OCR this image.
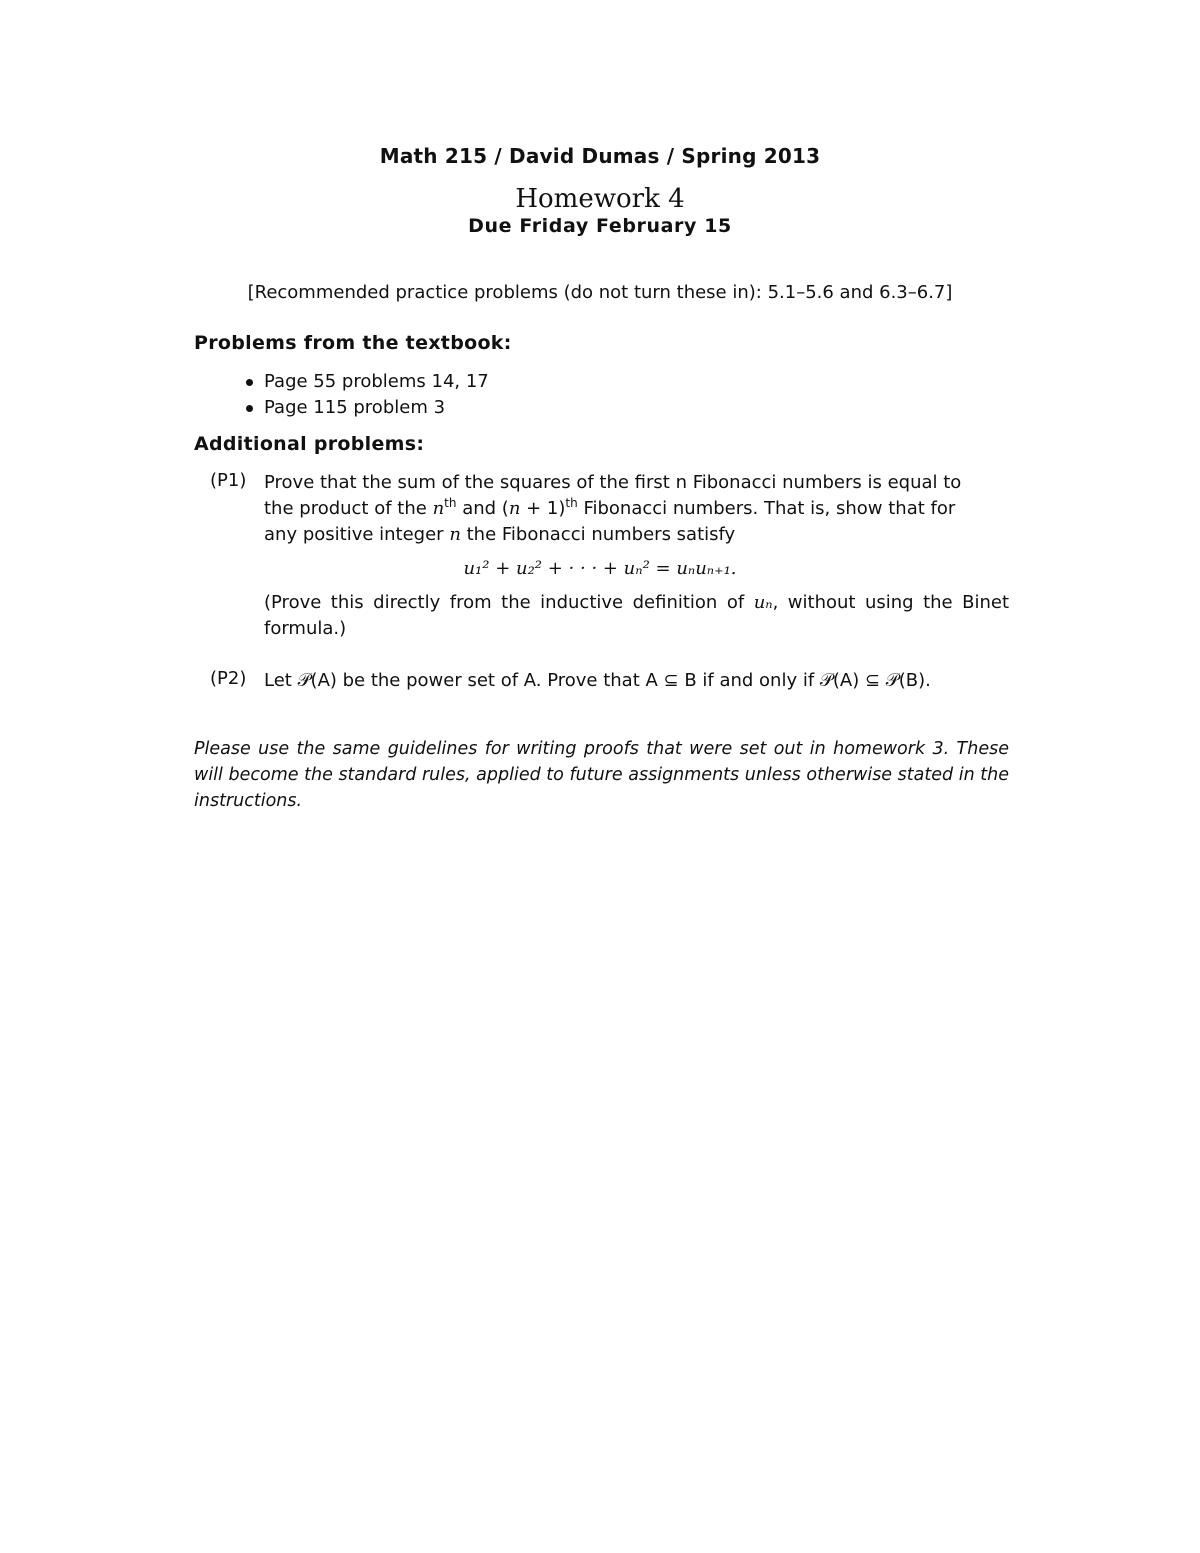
Math 215 / David Dumas / Spring 2013
Homework 4
Due Friday February 15
[Recommended practice problems (do not turn these in): 5.1–5.6 and 6.3–6.7]
Problems from the textbook:
Page 55 problems 14, 17
Page 115 problem 3
Additional problems:
(P1) Prove that the sum of the squares of the first n Fibonacci numbers is equal to
the product of the $n^{th}$ and $(n + 1)^{th}$ Fibonacci numbers. That is, show that for
any positive integer n the Fibonacci numbers satisfy
(Prove this directly from the inductive definition of uₙ, without using the Binet formula.)
u₁² + u₂² + · · · + uₙ² = uₙuₙ₊₁.
(P2) Let 𝒫(A) be the power set of A. Prove that A ⊆ B if and only if 𝒫(A) ⊆ 𝒫(B).
Please use the same guidelines for writing proofs that were set out in homework 3. These will become the standard rules, applied to future assignments unless otherwise stated in the instructions.
